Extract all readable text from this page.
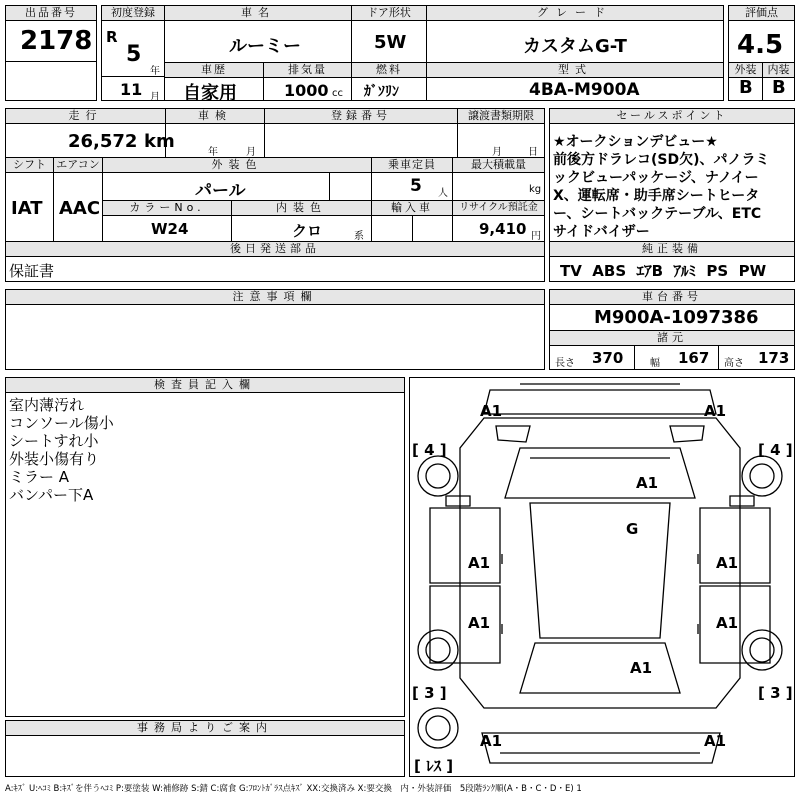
出品番号
2178
初度登録
R
5
年
11 月
車名
ルーミー
ドア形状
5W
グレード
カスタムG-T
評価点
4.5
車歴
自家用
排気量
1000 cc
燃料
ｶﾞｿﾘﾝ
型式
4BA-M900A
外装
B
内装
B
走行
26,572 km
車検
年	月
登録番号	譲渡書類期限
月	日
セールスポイント
★オークションデビュー★
前後方ドラレコ(SD欠)、パノラミ
ックビューパッケージ、ナノイー
X、運転席・助手席シートヒータ
ー、シートバックテーブル、ETC
サイドバイザー
シフト
IAT
エアコン
AAC
外装色
パール
乗車定員
5 人
最大積載量
kg
カラーNo.
W24
内装色
クロ	系
輸入車	リサイクル預託金
9,410 円
後日発送部品
保証書
純正装備
TV  ABS  ｴｱB  ｱﾙﾐ  PS  PW
注意事項欄	車台番号
M900A-1097386
諸元
長さ 370	幅 167 高さ 173
検査員記入欄
室内薄汚れ
コンソール傷小
シートすれ小
外装小傷有り
ミラー A
バンパー下A
事務局よりご案内
A1	A1
A1
G
A1	A1
A1	A1
A1
A1	A1
[ 4 ]	[ 4 ]
[ 3 ]	[ 3 ]
[ ﾚｽ ]
A:ｷｽﾞ U:ﾍｺﾐ B:ｷｽﾞを伴うﾍｺﾐ P:要塗装 W:補修跡 S:錆 C:腐食 G:ﾌﾛﾝﾄｶﾞﾗｽ点ｷｽﾞ XX:交換済み X:要交換　内・外装評価　5段階ﾗﾝｸ順(A・B・C・D・E) 1
